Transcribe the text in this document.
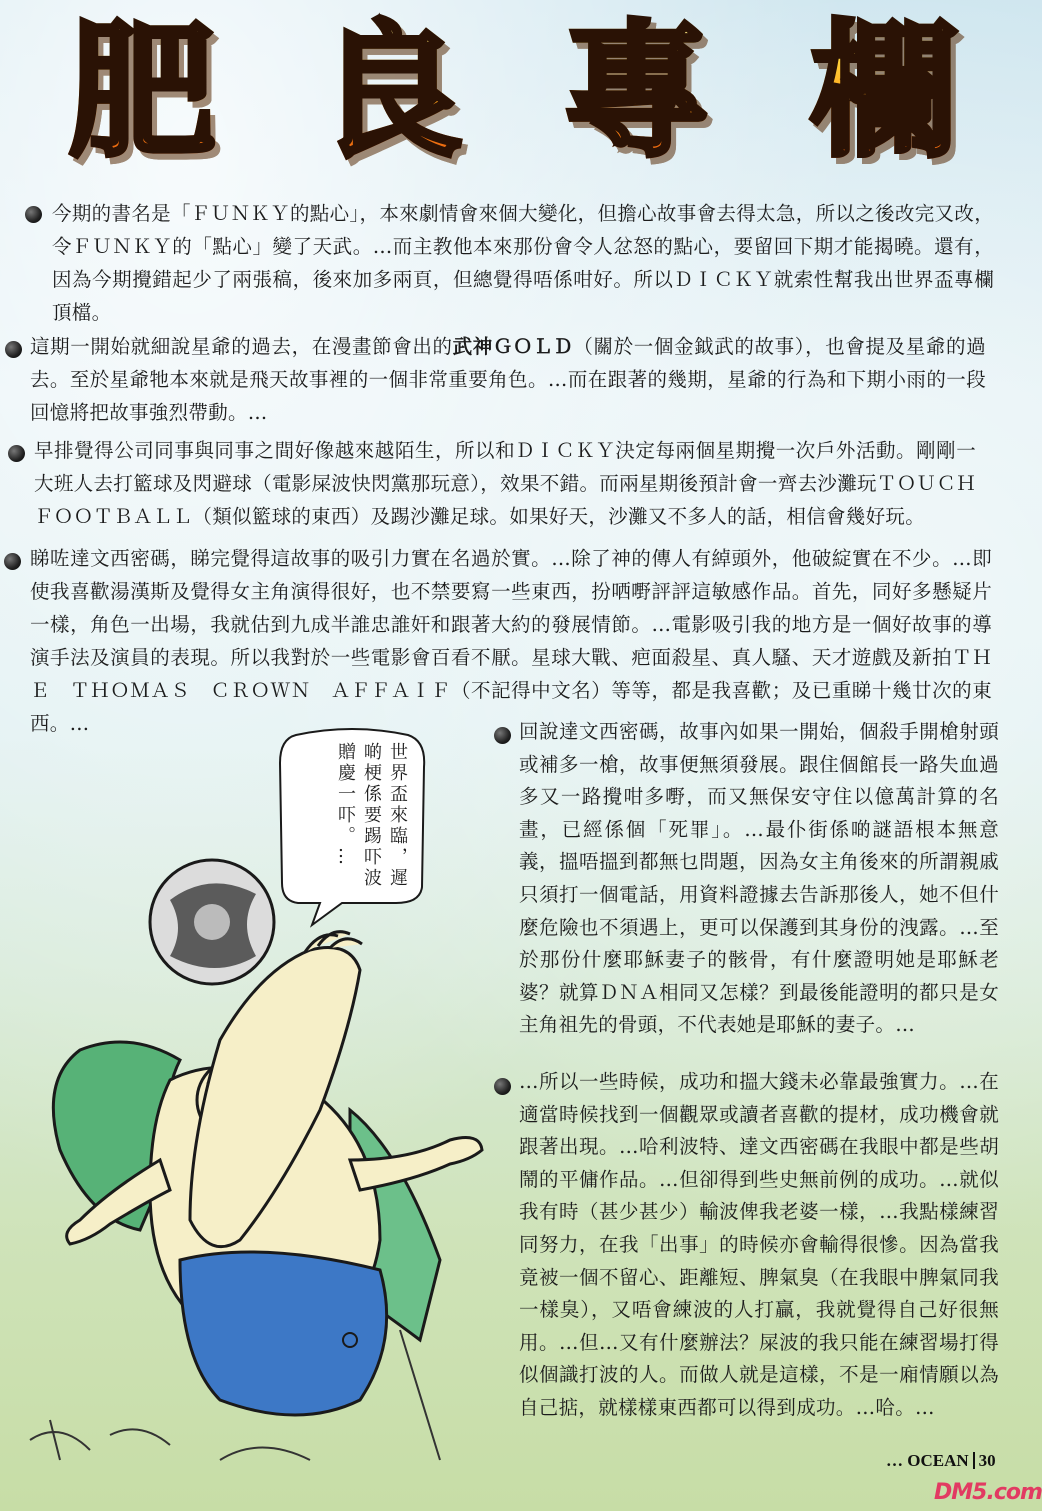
肥 良 專 欄

今期的書名是「ＦＵＮＫＹ的點心」，本來劇情會來個大變化，但擔心故事會去得太急，所以之後改完又改，令ＦＵＮＫＹ的「點心」變了天武。…而主教他本來那份會令人忿怒的點心，要留回下期才能揭曉。還有，因為今期攪錯起少了兩張稿，後來加多兩頁，但總覺得唔係咁好。所以ＤＩＣＫＹ就索性幫我出世界盃專欄頂檔。

這期一開始就細說星爺的過去，在漫畫節會出的武神ＧＯＬＤ（關於一個金鉞武的故事），也會提及星爺的過去。至於星爺牠本來就是飛天故事裡的一個非常重要角色。…而在跟著的幾期，星爺的行為和下期小雨的一段回憶將把故事強烈帶動。…

早排覺得公司同事與同事之間好像越來越陌生，所以和ＤＩＣＫＹ決定每兩個星期攪一次戶外活動。剛剛一大班人去打籃球及閃避球（電影屎波快閃黨那玩意），效果不錯。而兩星期後預計會一齊去沙灘玩ＴＯＵＣＨ ＦＯＯＴＢＡＬＬ（類似籃球的東西）及踢沙灘足球。如果好天，沙灘又不多人的話，相信會幾好玩。

睇咗達文西密碼，睇完覺得這故事的吸引力實在名過於實。…除了神的傳人有綽頭外，他破綻實在不少。…即使我喜歡湯漢斯及覺得女主角演得很好，也不禁要寫一些東西，扮哂嘢評評這敏感作品。首先，同好多懸疑片一樣，角色一出場，我就估到九成半誰忠誰奸和跟著大約的發展情節。…電影吸引我的地方是一個好故事的導演手法及演員的表現。所以我對於一些電影會百看不厭。星球大戰、疤面殺星、真人騷、天才遊戲及新拍ＴＨＥ　ＴＨＯＭＡＳ　ＣＲＯＷＮ　ＡＦＦＡＩＦ（不記得中文名）等等，都是我喜歡；及已重睇十幾廿次的東西。…	回說達文西密碼，故事內如果一開始，個殺手開槍射頭或補多一槍，故事便無須發展。跟住個館長一路失血過多又一路攪咁多嘢，而又無保安守住以億萬計算的名畫，已經係個「死罪」。…最仆街係啲謎語根本無意義，搵唔搵到都無乜問題，因為女主角後來的所謂親戚只須打一個電話，用資料證據去告訴那後人，她不但什麼危險也不須遇上，更可以保護到其身份的洩露。…至於那份什麼耶穌妻子的骸骨，有什麼證明她是耶穌老婆？就算ＤＮＡ相同又怎樣？到最後能證明的都只是女主角祖先的骨頭，不代表她是耶穌的妻子。…

…所以一些時候，成功和搵大錢未必靠最強實力。…在適當時候找到一個觀眾或讀者喜歡的提材，成功機會就跟著出現。…哈利波特、達文西密碼在我眼中都是些胡鬧的平傭作品。…但卻得到些史無前例的成功。…就似我有時（甚少甚少）輸波俾我老婆一樣，…我點樣練習同努力，在我「出事」的時候亦會輸得很慘。因為當我竟被一個不留心、距離短、脾氣臭（在我眼中脾氣同我一樣臭），又唔會練波的人打贏，我就覺得自己好很無用。…但…又有什麼辦法？屎波的我只能在練習場打得似個識打波的人。而做人就是這樣，不是一廂情願以為自己掂，就樣樣東西都可以得到成功。…哈。…

世界盃來臨，遲啲梗係要踢吓波贈慶一吓。…

… OCEAN 30

DM5.com
